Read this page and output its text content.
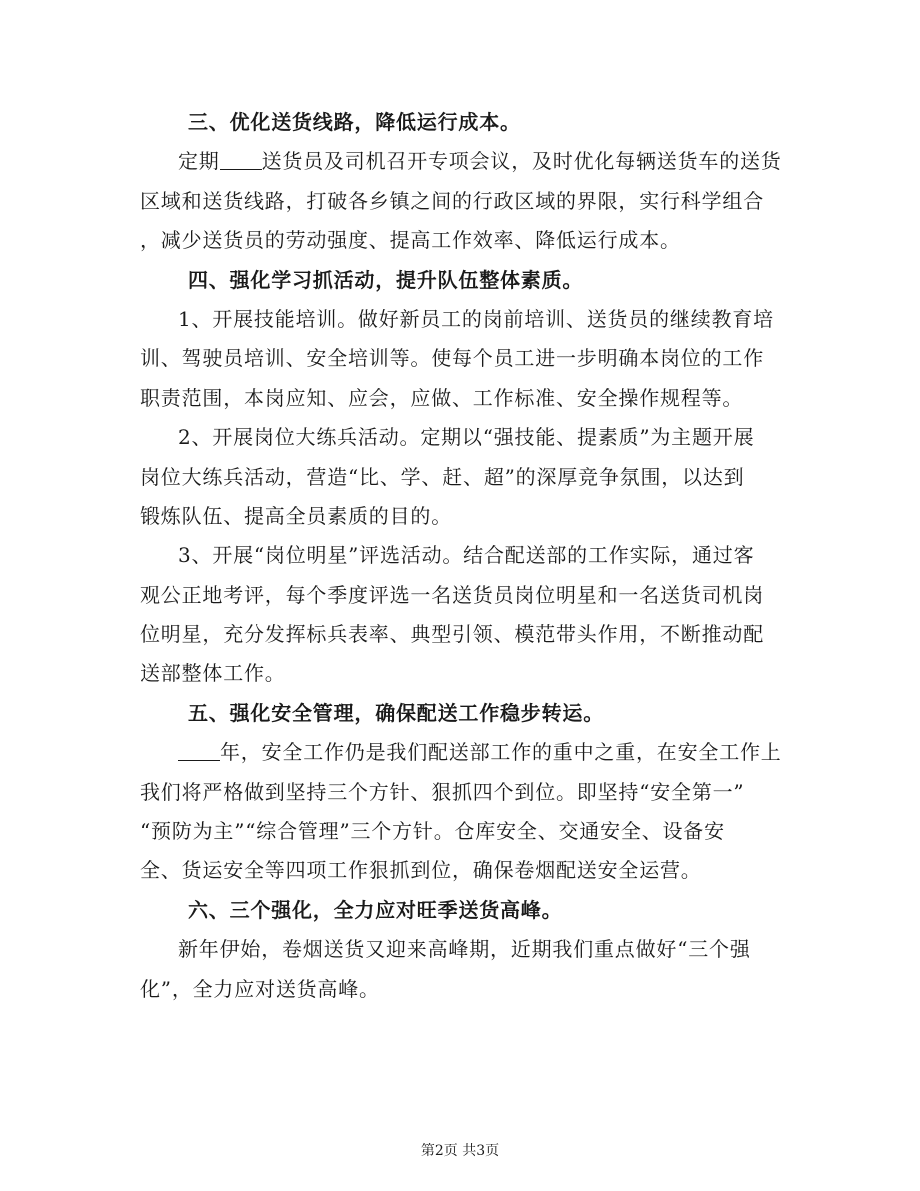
三、优化送货线路，降低运行成本。
定期 送货员及司机召开专项会议，及时优化每辆送货车的送货
区域和送货线路，打破各乡镇之间的行政区域的界限，实行科学组合
，减少送货员的劳动强度、提高工作效率、降低运行成本。
四、强化学习抓活动，提升队伍整体素质。
1、开展技能培训。做好新员工的岗前培训、送货员的继续教育培
训、驾驶员培训、安全培训等。使每个员工进一步明确本岗位的工作
职责范围，本岗应知、应会，应做、工作标准、安全操作规程等。
2、开展岗位大练兵活动。定期以“强技能、提素质”为主题开展
岗位大练兵活动，营造“比、学、赶、超”的深厚竞争氛围，以达到
锻炼队伍、提高全员素质的目的。
3、开展“岗位明星”评选活动。结合配送部的工作实际，通过客
观公正地考评，每个季度评选一名送货员岗位明星和一名送货司机岗
位明星，充分发挥标兵表率、典型引领、模范带头作用，不断推动配
送部整体工作。
五、强化安全管理，确保配送工作稳步转运。
年，安全工作仍是我们配送部工作的重中之重，在安全工作上
我们将严格做到坚持三个方针、狠抓四个到位。即坚持“安全第一”
“预防为主”“综合管理”三个方针。仓库安全、交通安全、设备安
全、货运安全等四项工作狠抓到位，确保卷烟配送安全运营。
六、三个强化，全力应对旺季送货高峰。
新年伊始，卷烟送货又迎来高峰期，近期我们重点做好“三个强
化”，全力应对送货高峰。
第2页 共3页
